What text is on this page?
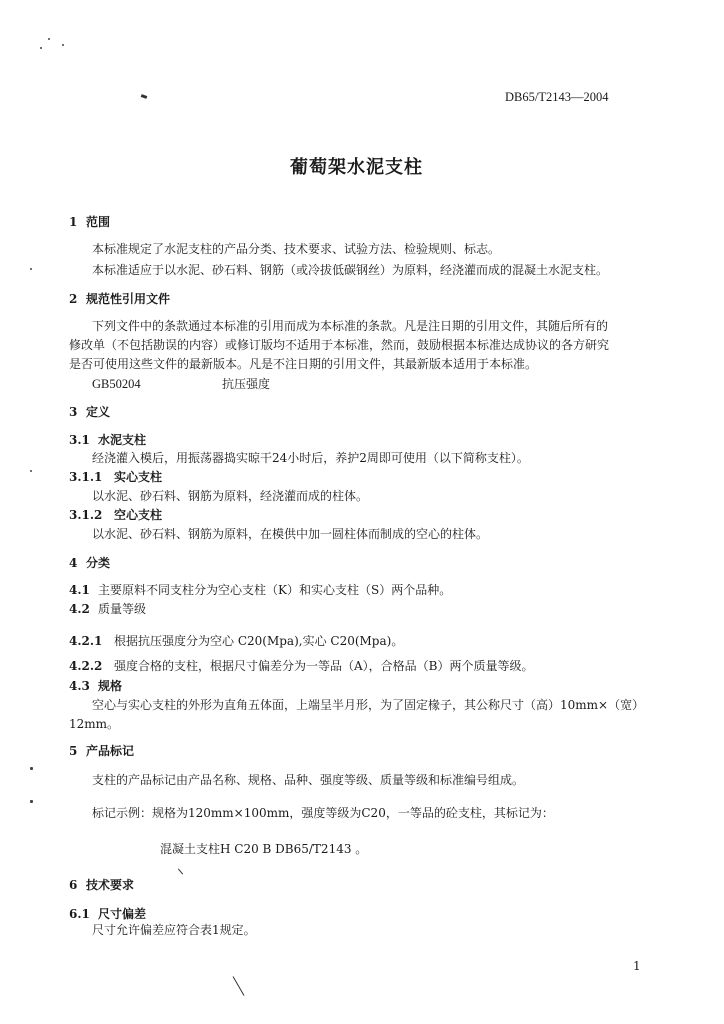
DB65/T2143—2004
葡萄架水泥支柱
1 范围
本标准规定了水泥支柱的产品分类、技术要求、试验方法、检验规则、标志。
本标准适应于以水泥、砂石料、钢筋（或冷拔低碳钢丝）为原料，经浇灌而成的混凝土水泥支柱。
2 规范性引用文件
下列文件中的条款通过本标准的引用而成为本标准的条款。凡是注日期的引用文件，其随后所有的
修改单（不包括勘误的内容）或修订版均不适用于本标准，然而，鼓励根据本标准达成协议的各方研究
是否可使用这些文件的最新版本。凡是不注日期的引用文件，其最新版本适用于本标准。
GB50204	抗压强度
3 定义
3.1 水泥支柱
经浇灌入模后，用振荡器捣实晾干24小时后，养护2周即可使用（以下简称支柱）。
3.1.1 实心支柱
以水泥、砂石料、钢筋为原料，经浇灌而成的柱体。
3.1.2 空心支柱
以水泥、砂石料、钢筋为原料，在模供中加一圆柱体而制成的空心的柱体。
4 分类
4.1 主要原料不同支柱分为空心支柱（K）和实心支柱（S）两个品种。
4.2 质量等级
4.2.1 根据抗压强度分为空心 C20(Mpa),实心 C20(Mpa)。
4.2.2 强度合格的支柱，根据尺寸偏差分为一等品（A），合格品（B）两个质量等级。
4.3 规格
空心与实心支柱的外形为直角五体面，上端呈半月形，为了固定椽子，其公称尺寸（高）10mm×（宽）
12mm。
5 产品标记
支柱的产品标记由产品名称、规格、品种、强度等级、质量等级和标准编号组成。
标记示例：规格为120mm×100mm，强度等级为C20，一等品的砼支柱，其标记为：
混凝土支柱H C20 B DB65/T2143 。
6 技术要求
6.1 尺寸偏差
尺寸允许偏差应符合表1规定。
1
